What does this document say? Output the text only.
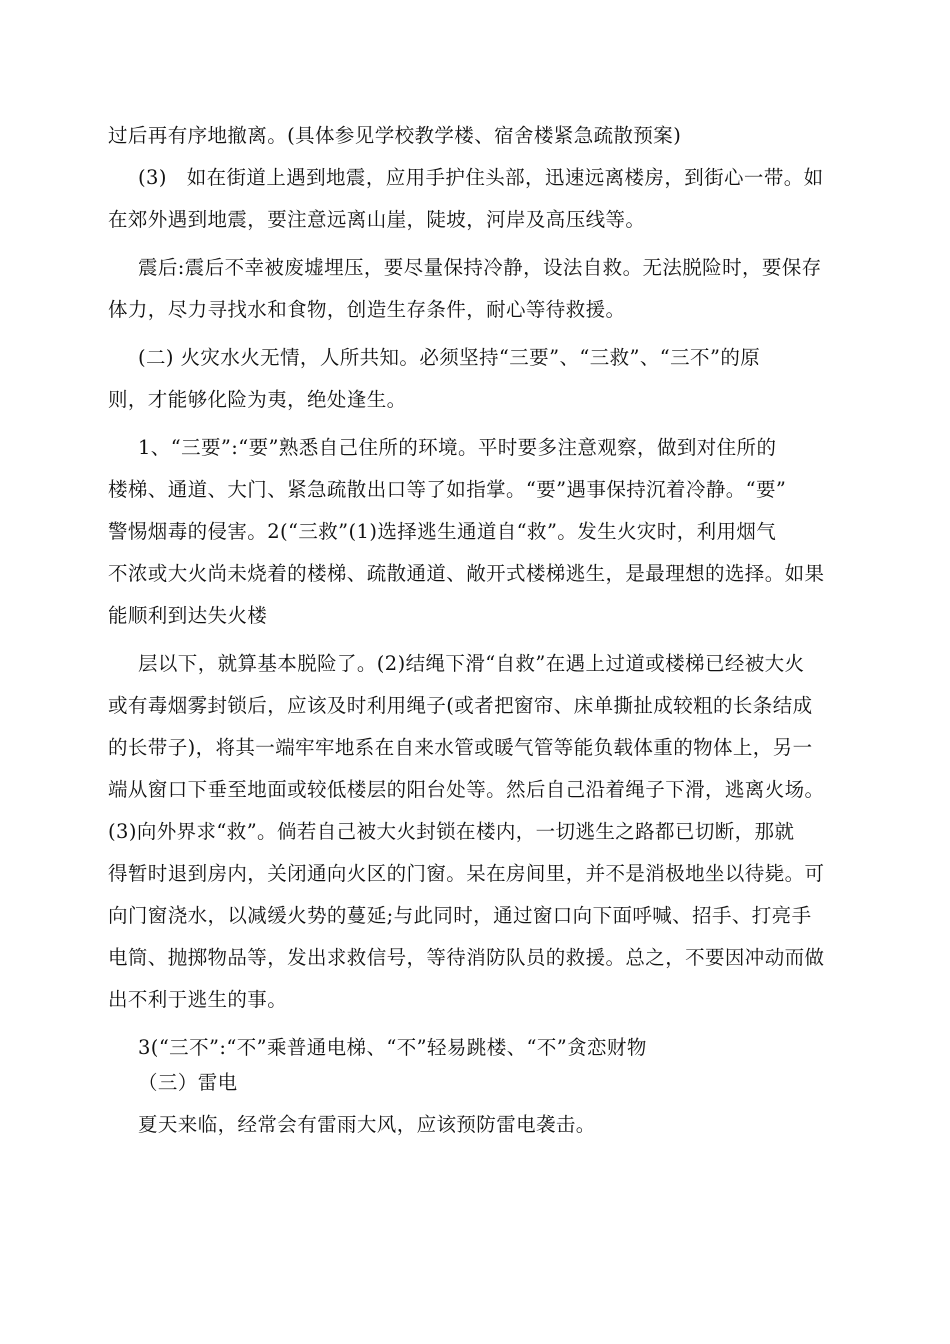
过后再有序地撤离。(具体参见学校教学楼、宿舍楼紧急疏散预案)
(3)　如在街道上遇到地震，应用手护住头部，迅速远离楼房，到街心一带。如
在郊外遇到地震，要注意远离山崖，陡坡，河岸及高压线等。
震后:震后不幸被废墟埋压，要尽量保持冷静，设法自救。无法脱险时，要保存
体力，尽力寻找水和食物，创造生存条件，耐心等待救援。
(二) 火灾水火无情，人所共知。必须坚持“三要”、“三救”、“三不”的原
则，才能够化险为夷，绝处逢生。
1、“三要”:“要”熟悉自己住所的环境。平时要多注意观察，做到对住所的
楼梯、通道、大门、紧急疏散出口等了如指掌。“要”遇事保持沉着冷静。“要”
警惕烟毒的侵害。2(“三救”(1)选择逃生通道自“救”。发生火灾时，利用烟气
不浓或大火尚未烧着的楼梯、疏散通道、敞开式楼梯逃生，是最理想的选择。如果
能顺利到达失火楼
层以下，就算基本脱险了。(2)结绳下滑“自救”在遇上过道或楼梯已经被大火
或有毒烟雾封锁后，应该及时利用绳子(或者把窗帘、床单撕扯成较粗的长条结成
的长带子)，将其一端牢牢地系在自来水管或暖气管等能负载体重的物体上，另一
端从窗口下垂至地面或较低楼层的阳台处等。然后自己沿着绳子下滑，逃离火场。
(3)向外界求“救”。倘若自己被大火封锁在楼内，一切逃生之路都已切断，那就
得暂时退到房内，关闭通向火区的门窗。呆在房间里，并不是消极地坐以待毙。可
向门窗浇水，以减缓火势的蔓延;与此同时，通过窗口向下面呼喊、招手、打亮手
电筒、抛掷物品等，发出求救信号，等待消防队员的救援。总之，不要因冲动而做
出不利于逃生的事。
3(“三不”:“不”乘普通电梯、“不”轻易跳楼、“不”贪恋财物
（三）雷电
夏天来临，经常会有雷雨大风，应该预防雷电袭击。
